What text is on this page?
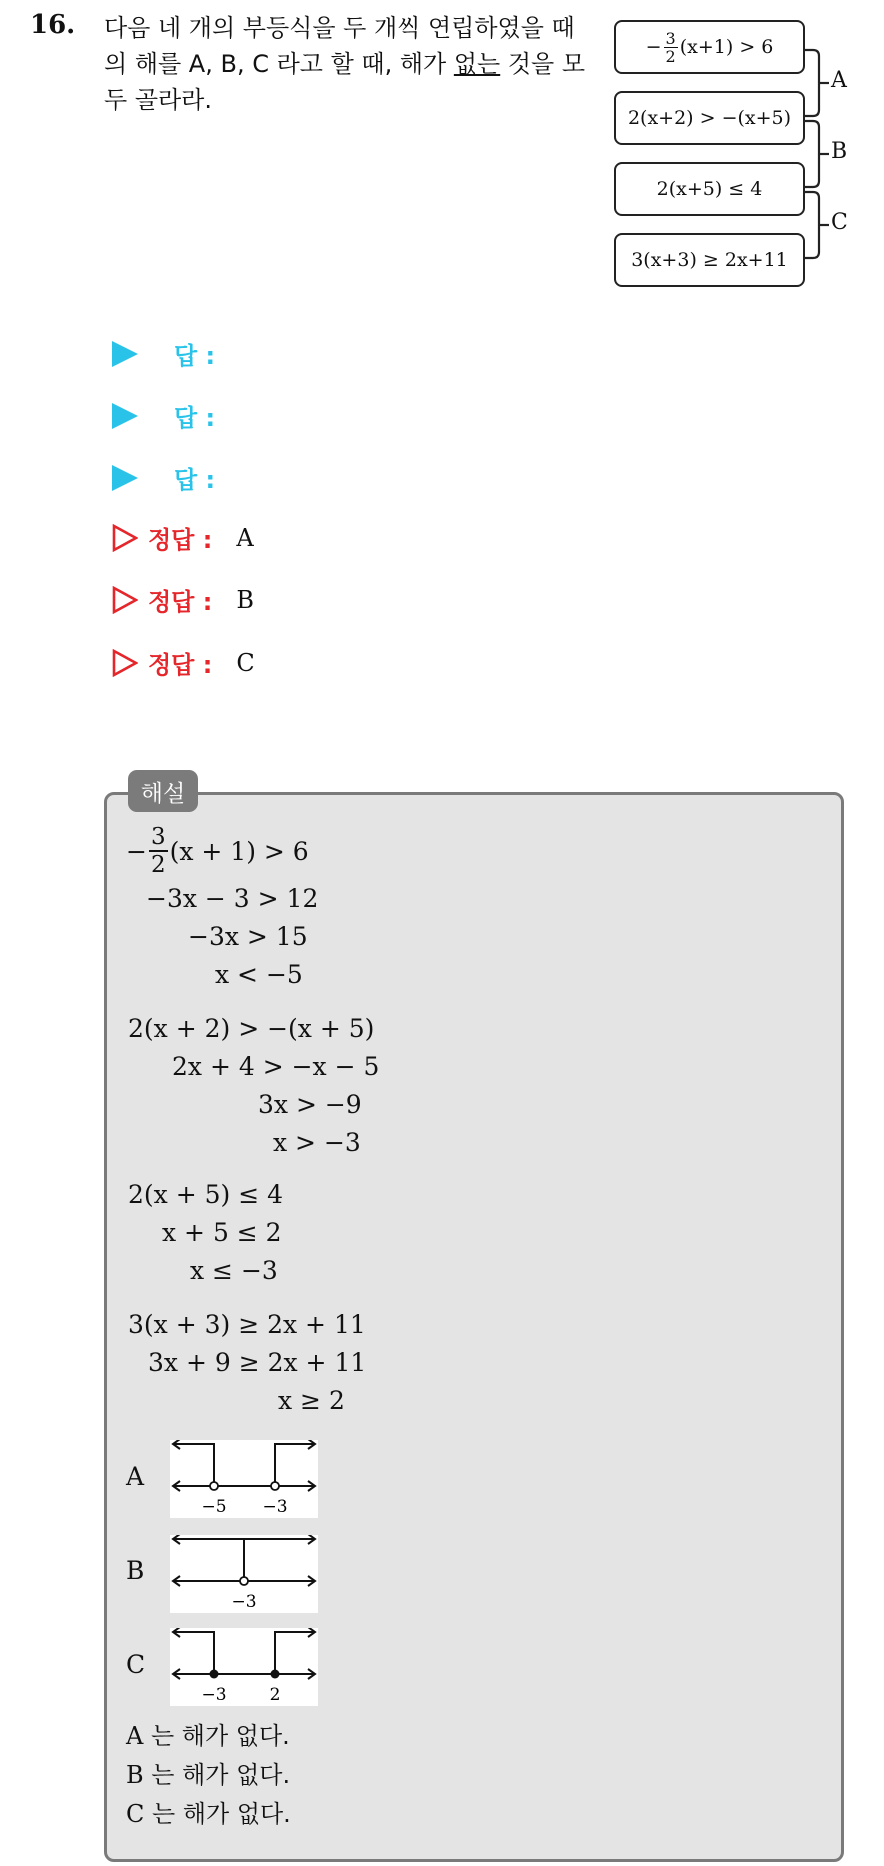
16. 다음 네 개의 부등식을 두 개씩 연립하였을 때의 해를 A, B, C 라고 할 때, 해가 없는 것을 모두 골라라.
− $\frac{3}{2} (x+1) > 6$
2(x+2) > −(x+5)
2(x+5) ≤ 4
3(x+3) ≥ 2x+11
A
B
C
답 :
답 :
답 :
정답 : A
정답 : B
정답 : C
해설
− $\frac{3}{2} (x + 1) > 6$
−3x − 3 > 12
−3x > 15
x < −5
2(x + 2) > −(x + 5)
2x + 4 > −x − 5
3x > −9
x > −3
2(x + 5) ≤ 4
x + 5 ≤ 2
x ≤ −3
3(x + 3) ≥ 2x + 11
3x + 9 ≥ 2x + 11
x ≥ 2
A
−5 −3
B
−3
C
−3	2
A 는 해가 없다.
B 는 해가 없다.
C 는 해가 없다.
